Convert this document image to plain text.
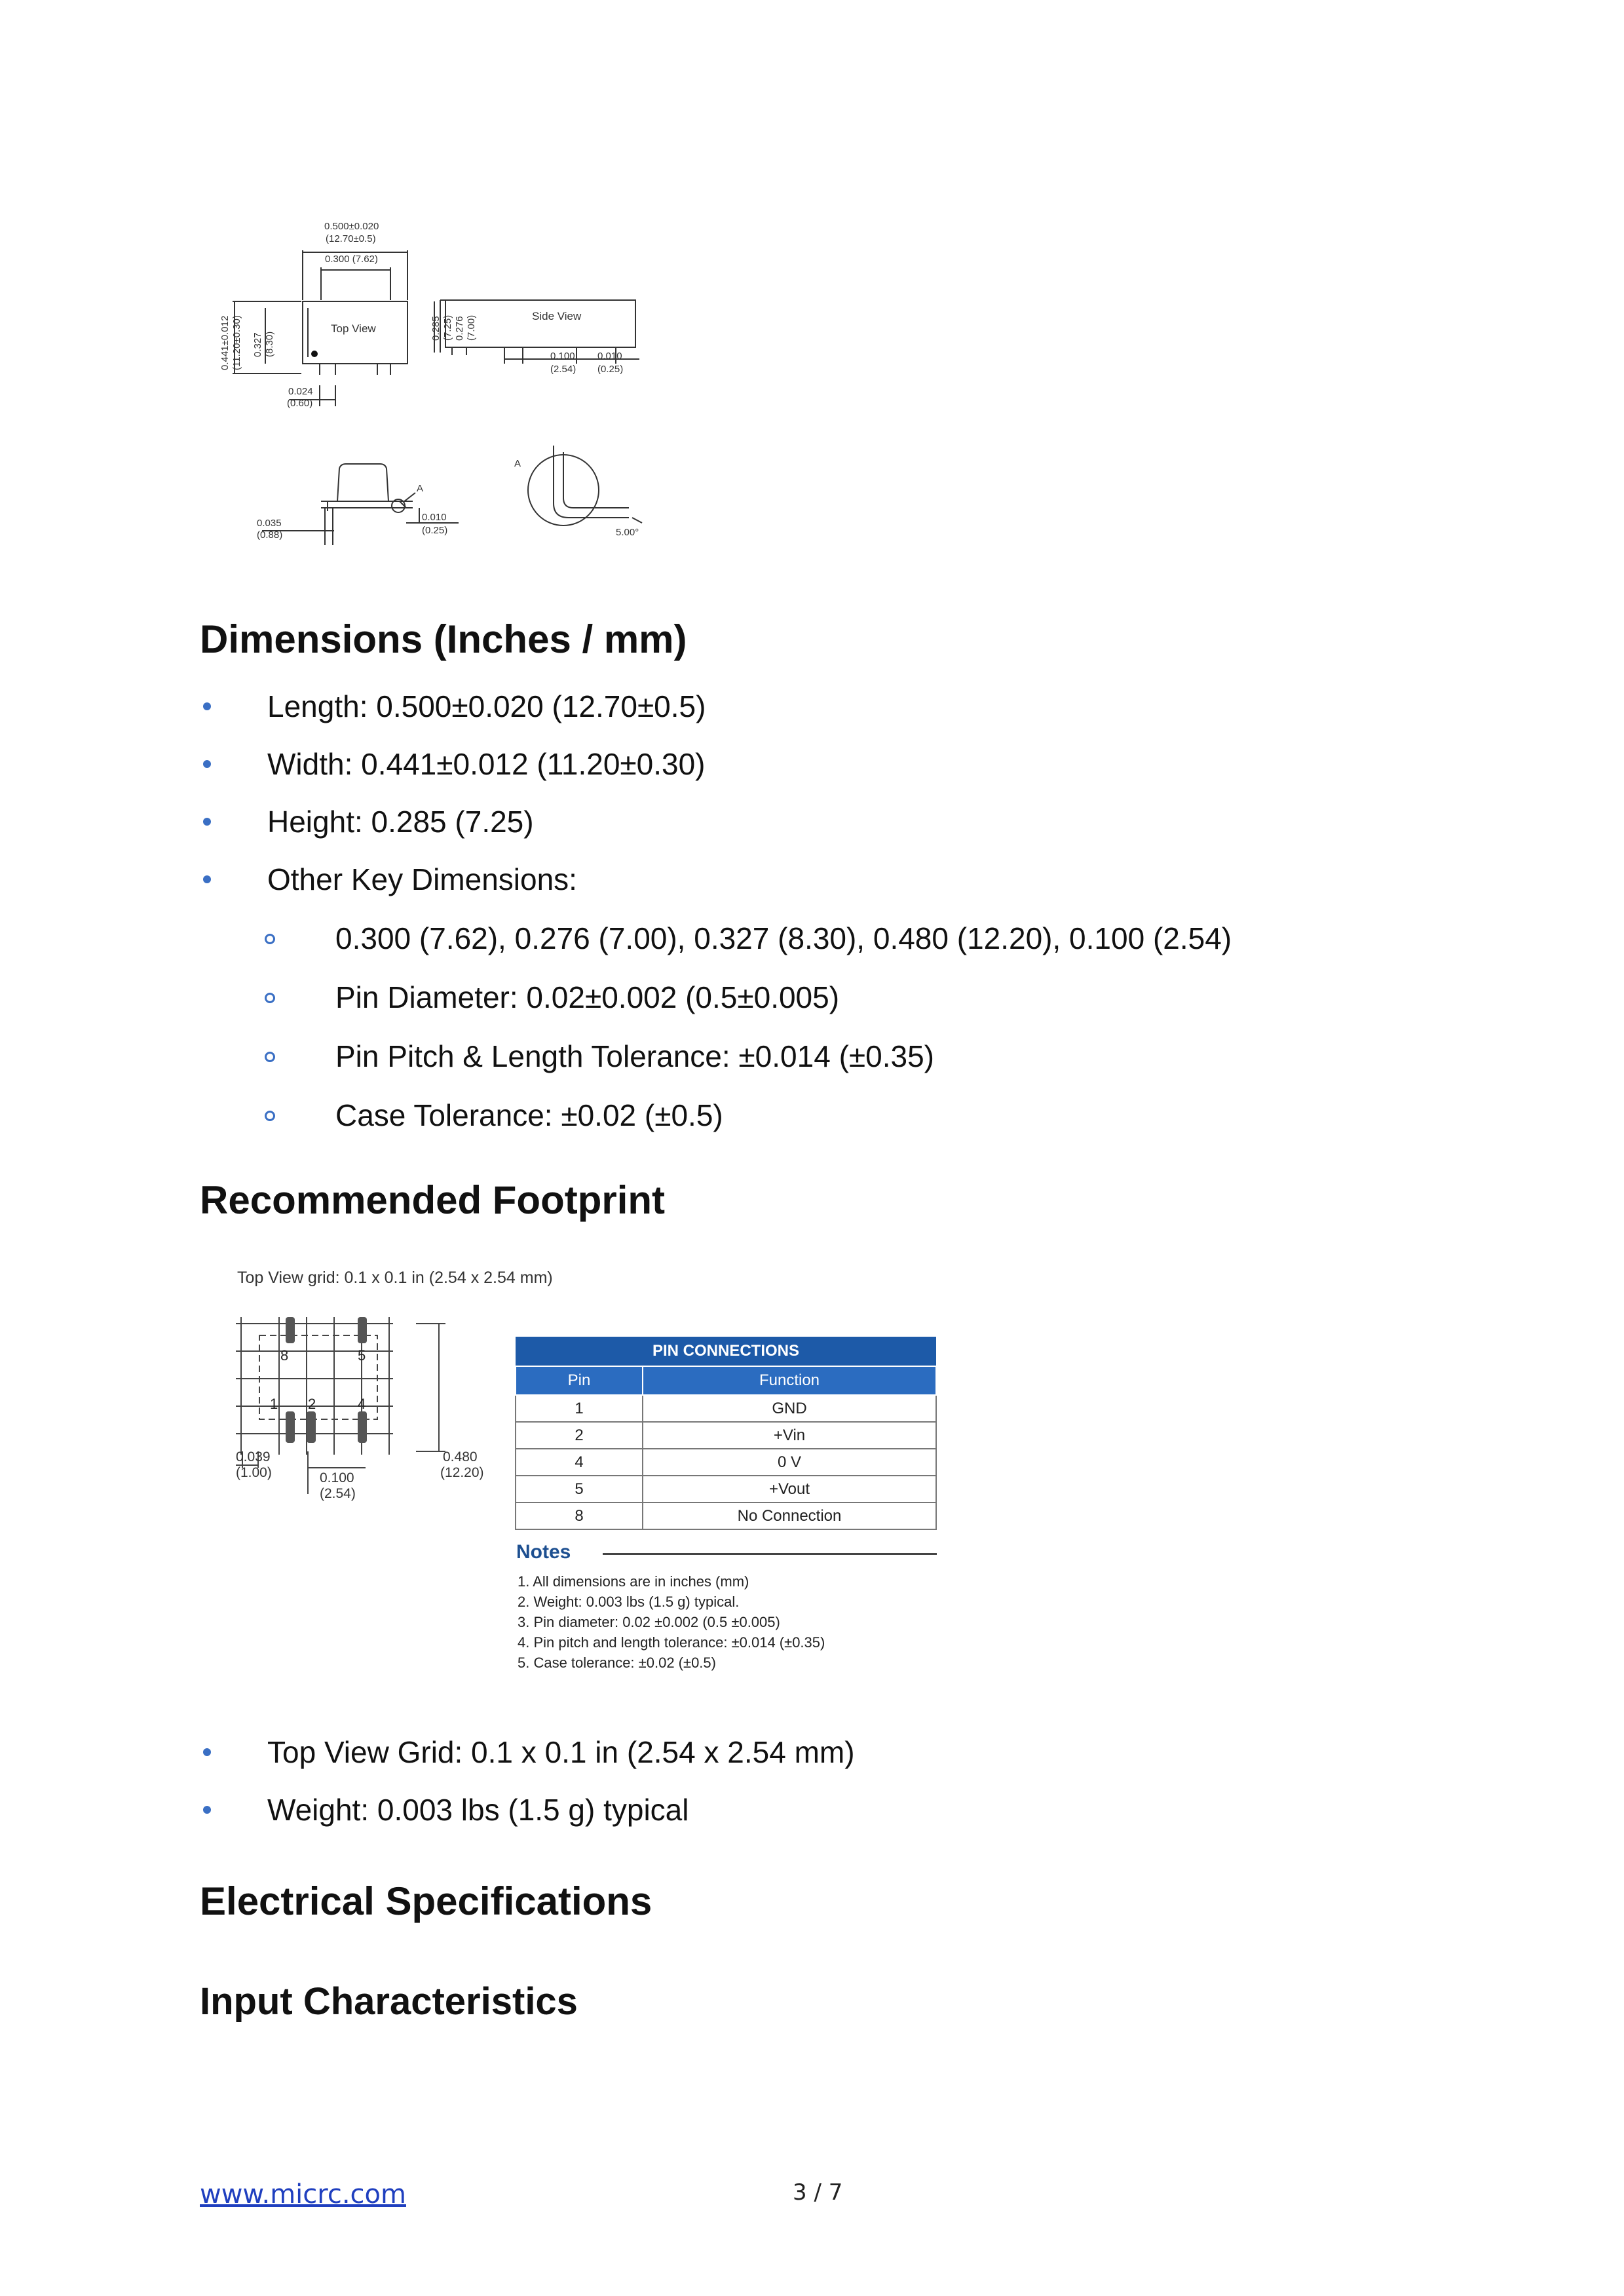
0.500±0.020
(12.70±0.5)
0.300 (7.62)
Top View
0.024
(0.60)
0.441±0.012 (11.20±0.30) 0.327 (8.30)
Side View
0.285 (7.25) 0.276 (7.00)
0.100
(2.54)
0.010
(0.25)
0.035
(0.88)
0.010
(0.25)
A
A
5.00°
Dimensions (Inches / mm)
Length: 0.500±0.020 (12.70±0.5)
Width: 0.441±0.012 (11.20±0.30)
Height: 0.285 (7.25)
Other Key Dimensions:
0.300 (7.62), 0.276 (7.00), 0.327 (8.30), 0.480 (12.20), 0.100 (2.54)
Pin Diameter: 0.02±0.002 (0.5±0.005)
Pin Pitch & Length Tolerance: ±0.014 (±0.35)
Case Tolerance: ±0.02 (±0.5)
Recommended Footprint
Top View grid: 0.1 x 0.1 in (2.54 x 2.54 mm)
8	5
1 2	4
0.039
(1.00)	0.100
(2.54)
0.480
(12.20)
PIN CONNECTIONS	
Pin	Function
1	GND
2	+Vin
4	0 V
5	+Vout
8	No Connection
Notes
1. All dimensions are in inches (mm)
2. Weight: 0.003 lbs (1.5 g) typical.
3. Pin diameter: 0.02 ±0.002 (0.5 ±0.005)
4. Pin pitch and length tolerance: ±0.014 (±0.35)
5. Case tolerance: ±0.02 (±0.5)
Top View Grid: 0.1 x 0.1 in (2.54 x 2.54 mm)
Weight: 0.003 lbs (1.5 g) typical
Electrical Specifications
Input Characteristics
www.micrc.com	3 / 7
